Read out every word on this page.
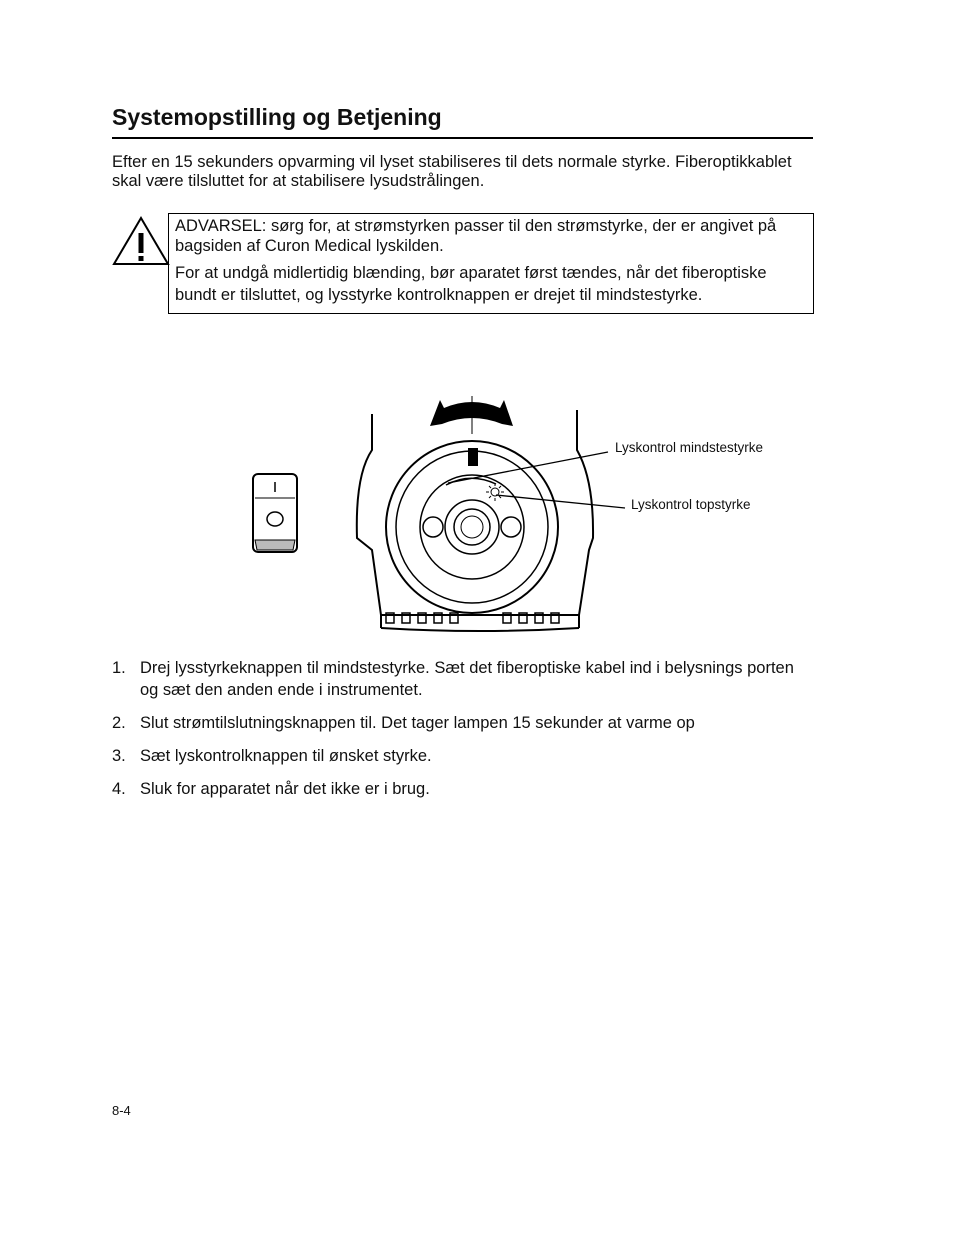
Systemopstilling og Betjening

Efter en 15 sekunders opvarming vil lyset stabiliseres til dets normale styrke. Fiberoptikkablet skal være tilsluttet for at stabilisere lysudstrålingen.

ADVARSEL: sørg for, at strømstyrken passer til den strømstyrke, der er angivet på bagsiden af Curon Medical lyskilden.

For at undgå midlertidig blænding, bør aparatet først tændes, når det fiberoptiske bundt er tilsluttet, og lysstyrke kontrolknappen er drejet til mindstestyrke.

Lyskontrol mindstestyrke
Lyskontrol topstyrke
1. Drej lysstyrkeknappen til mindstestyrke. Sæt det fiberoptiske kabel ind i belysnings porten og sæt den anden ende i instrumentet.
2. Slut strømtilslutningsknappen til. Det tager lampen 15 sekunder at varme op
3. Sæt lyskontrolknappen til ønsket styrke.
4. Sluk for apparatet når det ikke er i brug.
8-4
